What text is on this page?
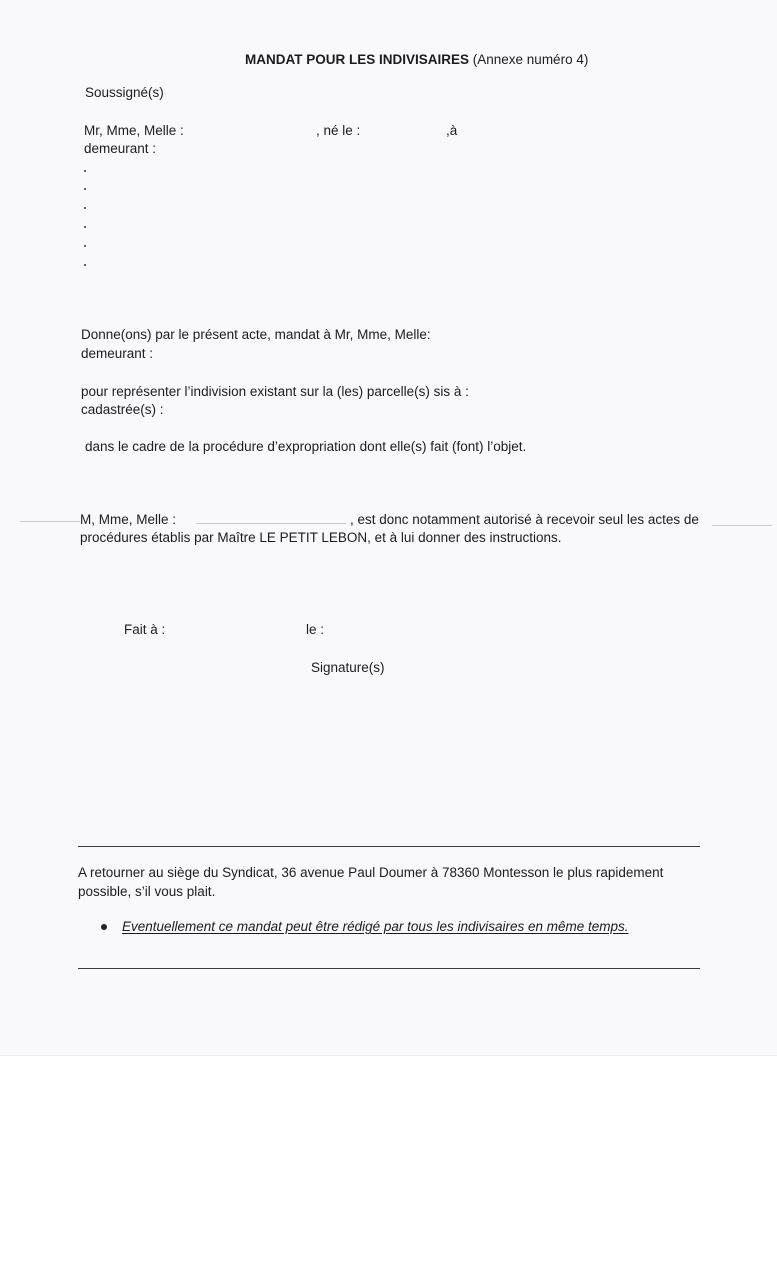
MANDAT POUR LES INDIVISAIRES (Annexe numéro 4)
Soussigné(s)
Mr, Mme, Melle :	, né le :	,à
demeurant :
Donne(ons) par le présent acte, mandat à Mr, Mme, Melle:
demeurant :
pour représenter l’indivision existant sur la (les) parcelle(s) sis à :
cadastrée(s) :
dans le cadre de la procédure d’expropriation dont elle(s) fait (font) l’objet.
M, Mme, Melle :	, est donc notamment autorisé à recevoir seul les actes de
procédures établis par Maître LE PETIT LEBON, et à lui donner des instructions.
Fait à :	le :
Signature(s)
A retourner au siège du Syndicat, 36 avenue Paul Doumer à 78360 Montesson le plus rapidement
possible, s’il vous plait.
Eventuellement ce mandat peut être rédigé par tous les indivisaires en même temps.
